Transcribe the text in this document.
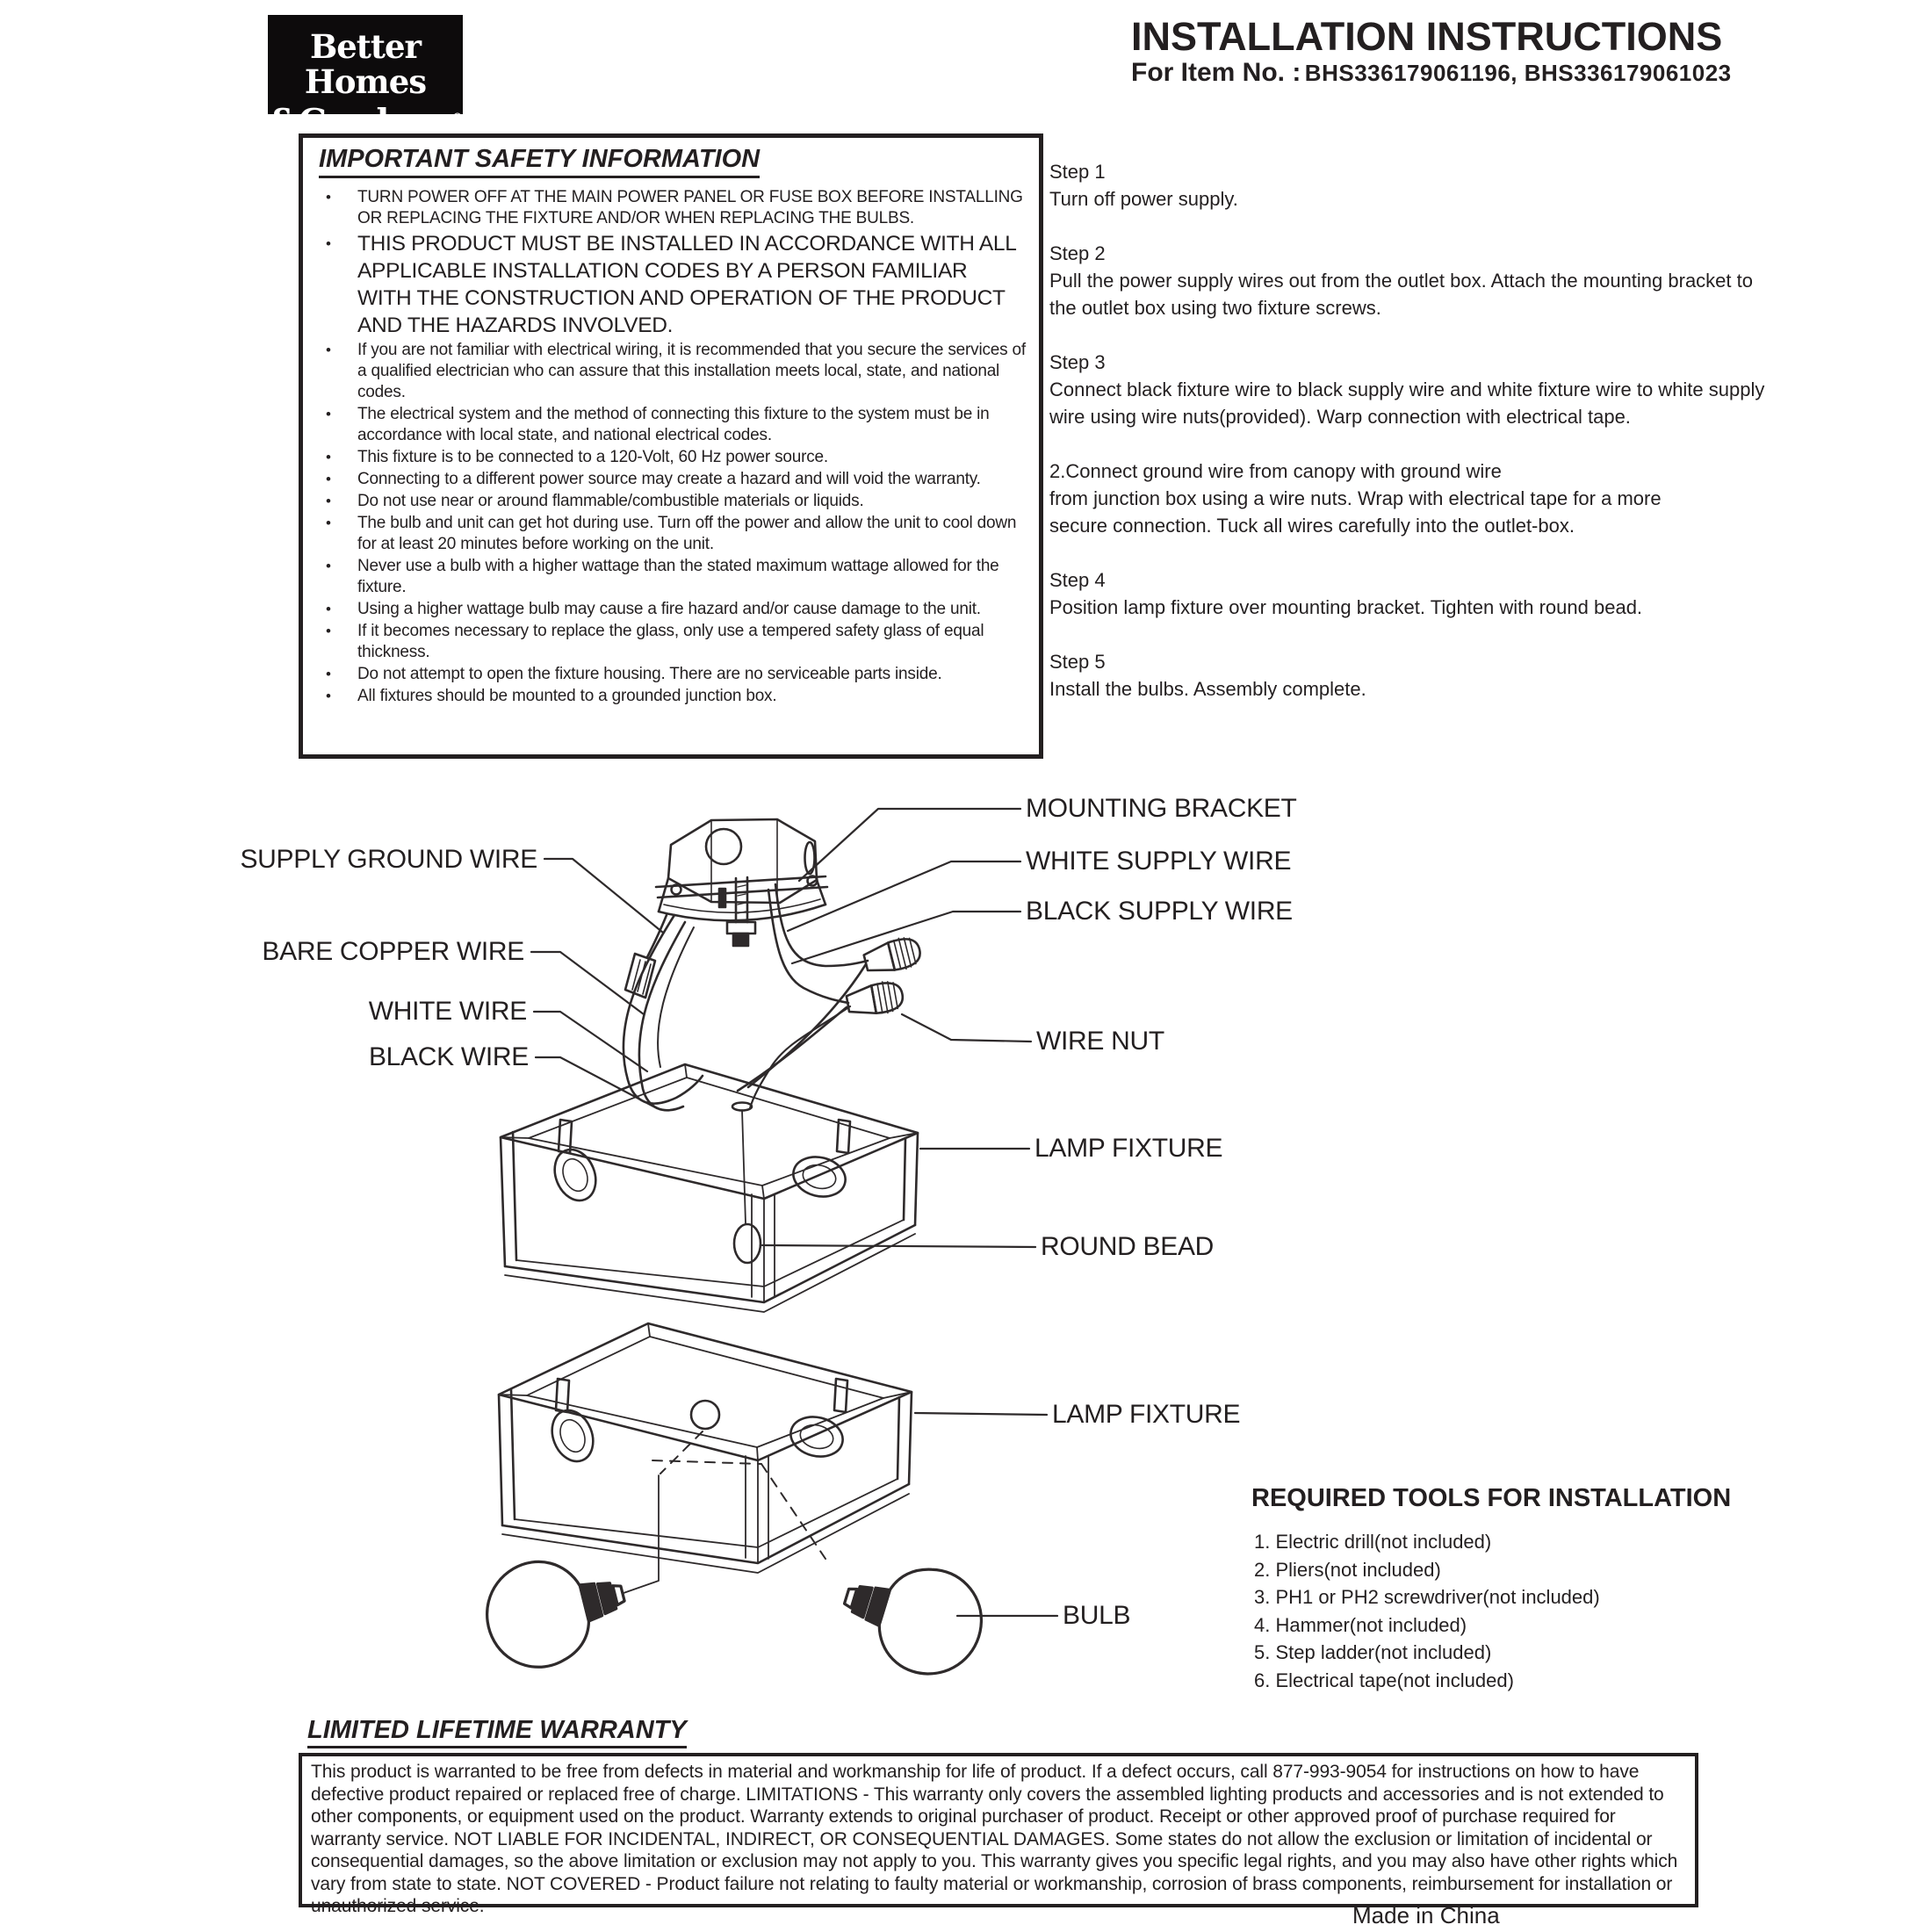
Better Homes
&Gardens®
INSTALLATION INSTRUCTIONS
For Item No. : BHS336179061196, BHS336179061023
IMPORTANT SAFETY INFORMATION
• TURN POWER OFF AT THE MAIN POWER PANEL OR FUSE BOX BEFORE INSTALLING OR REPLACING THE FIXTURE AND/OR WHEN REPLACING THE BULBS.
• THIS PRODUCT MUST BE INSTALLED IN ACCORDANCE WITH ALL APPLICABLE INSTALLATION CODES BY A PERSON FAMILIAR WITH THE CONSTRUCTION AND OPERATION OF THE PRODUCT AND THE HAZARDS INVOLVED.
• If you are not familiar with electrical wiring, it is recommended that you secure the services of a qualified electrician who can assure that this installation meets local, state, and national codes.
• The electrical system and the method of connecting this fixture to the system must be in accordance with local state, and national electrical codes.
• This fixture is to be connected to a 120-Volt, 60 Hz power source.
• Connecting to a different power source may create a hazard and will void the warranty.
• Do not use near or around flammable/combustible materials or liquids.
• The bulb and unit can get hot during use. Turn off the power and allow the unit to cool down for at least 20 minutes before working on the unit.
• Never use a bulb with a higher wattage than the stated maximum wattage allowed for the fixture.
• Using a higher wattage bulb may cause a fire hazard and/or cause damage to the unit.
• If it becomes necessary to replace the glass, only use a tempered safety glass of equal thickness.
• Do not attempt to open the fixture housing. There are no serviceable parts inside.
• All fixtures should be mounted to a grounded junction box.
Step 1
Turn off power supply.
Step 2
Pull the power supply wires out from the outlet box. Attach the mounting bracket to the outlet box using two fixture screws.
Step 3
Connect black fixture wire to black supply wire and white fixture wire to white supply wire using wire nuts(provided). Warp connection with electrical tape.
2.Connect ground wire from canopy with ground wire
from junction box using a wire nuts. Wrap with electrical tape for a more
secure connection. Tuck all wires carefully into the outlet-box.
Step 4
Position lamp fixture over mounting bracket. Tighten with round bead.
Step 5
Install the bulbs. Assembly complete.
SUPPLY GROUND WIRE
BARE COPPER WIRE
WHITE WIRE
BLACK WIRE
MOUNTING BRACKET
WHITE SUPPLY WIRE
BLACK SUPPLY WIRE
WIRE NUT
LAMP FIXTURE
ROUND BEAD
LAMP FIXTURE
BULB
REQUIRED TOOLS FOR INSTALLATION
1. Electric drill(not included)
2. Pliers(not included)
3. PH1 or PH2 screwdriver(not included)
4. Hammer(not included)
5. Step ladder(not included)
6. Electrical tape(not included)
LIMITED LIFETIME WARRANTY
This product is warranted to be free from defects in material and workmanship for life of product. If a defect occurs, call 877-993-9054 for instructions on how to have defective product repaired or replaced free of charge. LIMITATIONS - This warranty only covers the assembled lighting products and accessories and is not extended to other components, or equipment used on the product. Warranty extends to original purchaser of product. Receipt or other approved proof of purchase required for warranty service. NOT LIABLE FOR INCIDENTAL, INDIRECT, OR CONSEQUENTIAL DAMAGES. Some states do not allow the exclusion or limitation of incidental or consequential damages, so the above limitation or exclusion may not apply to you. This warranty gives you specific legal rights, and you may also have other rights which vary from state to state. NOT COVERED - Product failure not relating to faulty material or workmanship, corrosion of brass components, reimbursement for installation or unauthorized service.	Made in China
